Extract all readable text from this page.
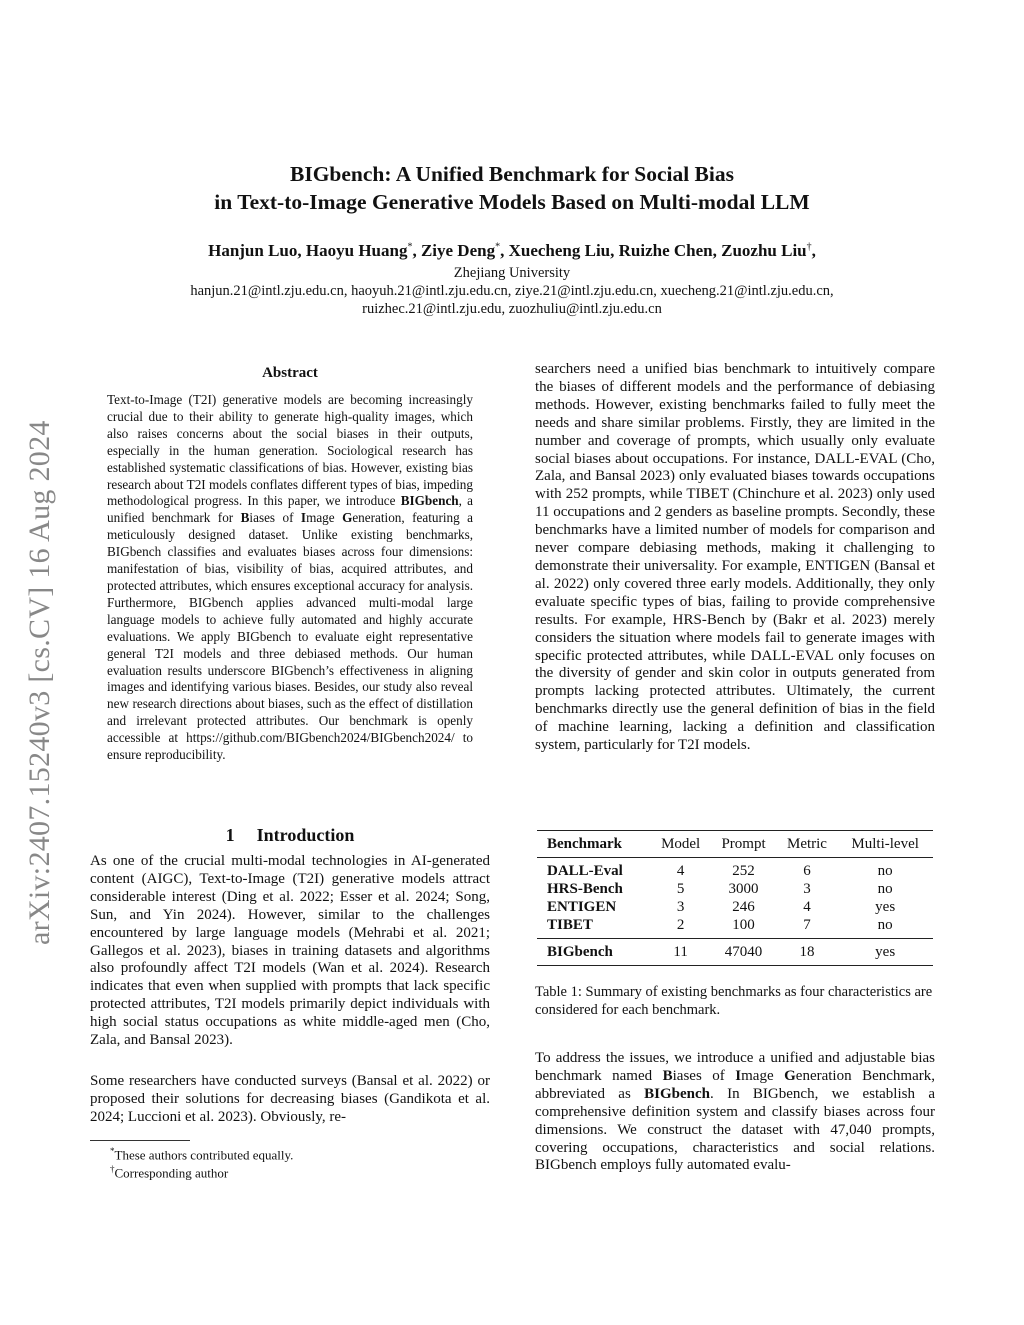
arXiv:2407.15240v3 [cs.CV] 16 Aug 2024
BIGbench: A Unified Benchmark for Social Bias
in Text-to-Image Generative Models Based on Multi-modal LLM
Hanjun Luo, Haoyu Huang*, Ziye Deng*, Xuecheng Liu, Ruizhe Chen, Zuozhu Liu†,
Zhejiang University
hanjun.21@intl.zju.edu.cn, haoyuh.21@intl.zju.edu.cn, ziye.21@intl.zju.edu.cn, xuecheng.21@intl.zju.edu.cn,
ruizhec.21@intl.zju.edu, zuozhuliu@intl.zju.edu.cn
Abstract
Text-to-Image (T2I) generative models are becoming increasingly crucial due to their ability to generate high-quality images, which also raises concerns about the social biases in their outputs, especially in the human generation. Sociological research has established systematic classifications of bias. However, existing bias research about T2I models conflates different types of bias, impeding methodological progress. In this paper, we introduce BIGbench, a unified benchmark for Biases of Image Generation, featuring a meticulously designed dataset. Unlike existing benchmarks, BIGbench classifies and evaluates biases across four dimensions: manifestation of bias, visibility of bias, acquired attributes, and protected attributes, which ensures exceptional accuracy for analysis. Furthermore, BIGbench applies advanced multi-modal large language models to achieve fully automated and highly accurate evaluations. We apply BIGbench to evaluate eight representative general T2I models and three debiased methods. Our human evaluation results underscore BIGbench’s effectiveness in aligning images and identifying various biases. Besides, our study also reveal new research directions about biases, such as the effect of distillation and irrelevant protected attributes. Our benchmark is openly accessible at https://github.com/BIGbench2024/BIGbench2024/ to ensure reproducibility.
1 Introduction
As one of the crucial multi-modal technologies in AI-generated content (AIGC), Text-to-Image (T2I) generative models attract considerable interest (Ding et al. 2022; Esser et al. 2024; Song, Sun, and Yin 2024). However, similar to the challenges encountered by large language models (Mehrabi et al. 2021; Gallegos et al. 2023), biases in training datasets and algorithms also profoundly affect T2I models (Wan et al. 2024). Research indicates that even when supplied with prompts that lack specific protected attributes, T2I models primarily depict individuals with high social status occupations as white middle-aged men (Cho, Zala, and Bansal 2023).
Some researchers have conducted surveys (Bansal et al. 2022) or proposed their solutions for decreasing biases (Gandikota et al. 2024; Luccioni et al. 2023). Obviously, re-
*These authors contributed equally.
†Corresponding author
searchers need a unified bias benchmark to intuitively compare the biases of different models and the performance of debiasing methods. However, existing benchmarks failed to fully meet the needs and share similar problems. Firstly, they are limited in the number and coverage of prompts, which usually only evaluate social biases about occupations. For instance, DALL-EVAL (Cho, Zala, and Bansal 2023) only evaluated biases towards occupations with 252 prompts, while TIBET (Chinchure et al. 2023) only used 11 occupations and 2 genders as baseline prompts. Secondly, these benchmarks have a limited number of models for comparison and never compare debiasing methods, making it challenging to demonstrate their universality. For example, ENTIGEN (Bansal et al. 2022) only covered three early models. Additionally, they only evaluate specific types of bias, failing to provide comprehensive results. For example, HRS-Bench by (Bakr et al. 2023) merely considers the situation where models fail to generate images with specific protected attributes, while DALL-EVAL only focuses on the diversity of gender and skin color in outputs generated from prompts lacking protected attributes. Ultimately, the current benchmarks directly use the general definition of bias in the field of machine learning, lacking a definition and classification system, particularly for T2I models.
Benchmark	Model	Prompt	Metric	Multi-level
DALL-Eval	4	252	6	no
HRS-Bench	5	3000	3	no
ENTIGEN	3	246	4	yes
TIBET	2	100	7	no
BIGbench	11	47040	18	yes
Table 1: Summary of existing benchmarks as four characteristics are considered for each benchmark.
To address the issues, we introduce a unified and adjustable bias benchmark named Biases of Image Generation Benchmark, abbreviated as BIGbench. In BIGbench, we establish a comprehensive definition system and classify biases across four dimensions. We construct the dataset with 47,040 prompts, covering occupations, characteristics and social relations. BIGbench employs fully automated evalu-
